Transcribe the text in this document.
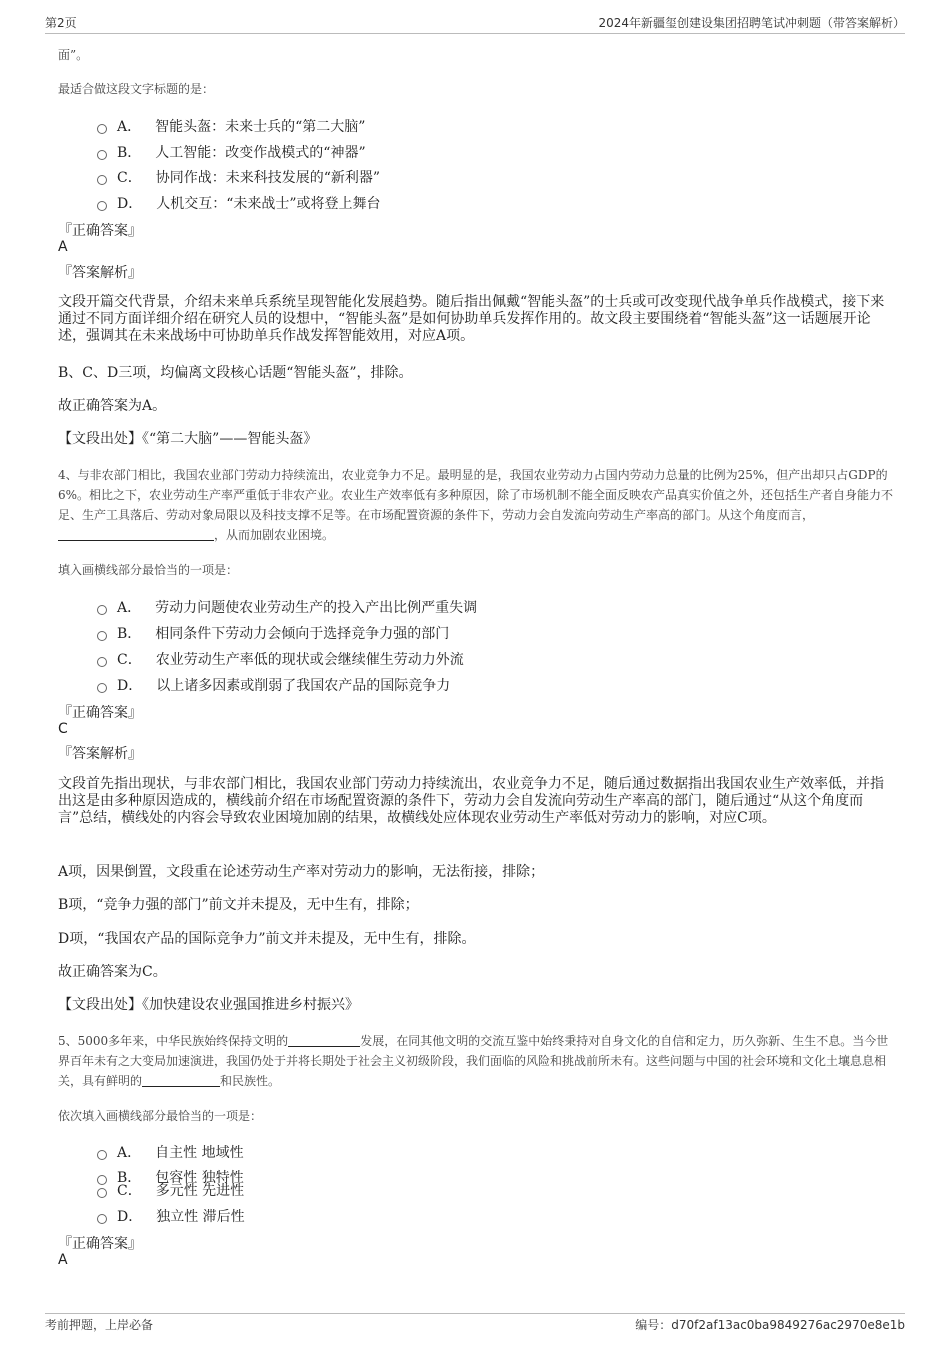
第2页	2024年新疆玺创建设集团招聘笔试冲刺题（带答案解析）
面”。
最适合做这段文字标题的是：
A． 智能头盔：未来士兵的“第二大脑”
B． 人工智能：改变作战模式的“神器”
C． 协同作战：未来科技发展的“新利器”
D． 人机交互：“未来战士”或将登上舞台
『正确答案』
A
『答案解析』
文段开篇交代背景，介绍未来单兵系统呈现智能化发展趋势。随后指出佩戴“智能头盔”的士兵或可改变现代战争单兵作战模式，接下来通过不同方面详细介绍在研究人员的设想中，“智能头盔”是如何协助单兵发挥作用的。故文段主要围绕着“智能头盔”这一话题展开论述，强调其在未来战场中可协助单兵作战发挥智能效用，对应A项。
B、C、D三项，均偏离文段核心话题“智能头盔”，排除。
故正确答案为A。
【文段出处】《“第二大脑”——智能头盔》
4、与非农部门相比，我国农业部门劳动力持续流出，农业竞争力不足。最明显的是，我国农业劳动力占国内劳动力总量的比例为25%，但产出却只占GDP的6%。相比之下，农业劳动生产率严重低于非农产业。农业生产效率低有多种原因，除了市场机制不能全面反映农产品真实价值之外，还包括生产者自身能力不足、生产工具落后、劳动对象局限以及科技支撑不足等。在市场配置资源的条件下，劳动力会自发流向劳动生产率高的部门。从这个角度而言，，从而加剧农业困境。
填入画横线部分最恰当的一项是：
A． 劳动力问题使农业劳动生产的投入产出比例严重失调
B． 相同条件下劳动力会倾向于选择竞争力强的部门
C． 农业劳动生产率低的现状或会继续催生劳动力外流
D． 以上诸多因素或削弱了我国农产品的国际竞争力
『正确答案』
C
『答案解析』
文段首先指出现状，与非农部门相比，我国农业部门劳动力持续流出，农业竞争力不足，随后通过数据指出我国农业生产效率低，并指出这是由多种原因造成的，横线前介绍在市场配置资源的条件下，劳动力会自发流向劳动生产率高的部门，随后通过“从这个角度而言”总结，横线处的内容会导致农业困境加剧的结果，故横线处应体现农业劳动生产率低对劳动力的影响，对应C项。
A项，因果倒置，文段重在论述劳动生产率对劳动力的影响，无法衔接，排除；
B项，“竞争力强的部门”前文并未提及，无中生有，排除；
D项，“我国农产品的国际竞争力”前文并未提及，无中生有，排除。
故正确答案为C。
【文段出处】《加快建设农业强国推进乡村振兴》
5、5000多年来，中华民族始终保持文明的	发展，在同其他文明的交流互鉴中始终秉持对自身文化的自信和定力，历久弥新、生生不息。当今世界百年未有之大变局加速演进，我国仍处于并将长期处于社会主义初级阶段，我们面临的风险和挑战前所未有。这些问题与中国的社会环境和文化土壤息息相关，具有鲜明的	和民族性。
依次填入画横线部分最恰当的一项是：
A． 自主性 地域性
B． 包容性 独特性
C． 多元性 先进性
D． 独立性 滞后性
『正确答案』
A
考前押题，上岸必备	编号：d70f2af13ac0ba9849276ac2970e8e1b
